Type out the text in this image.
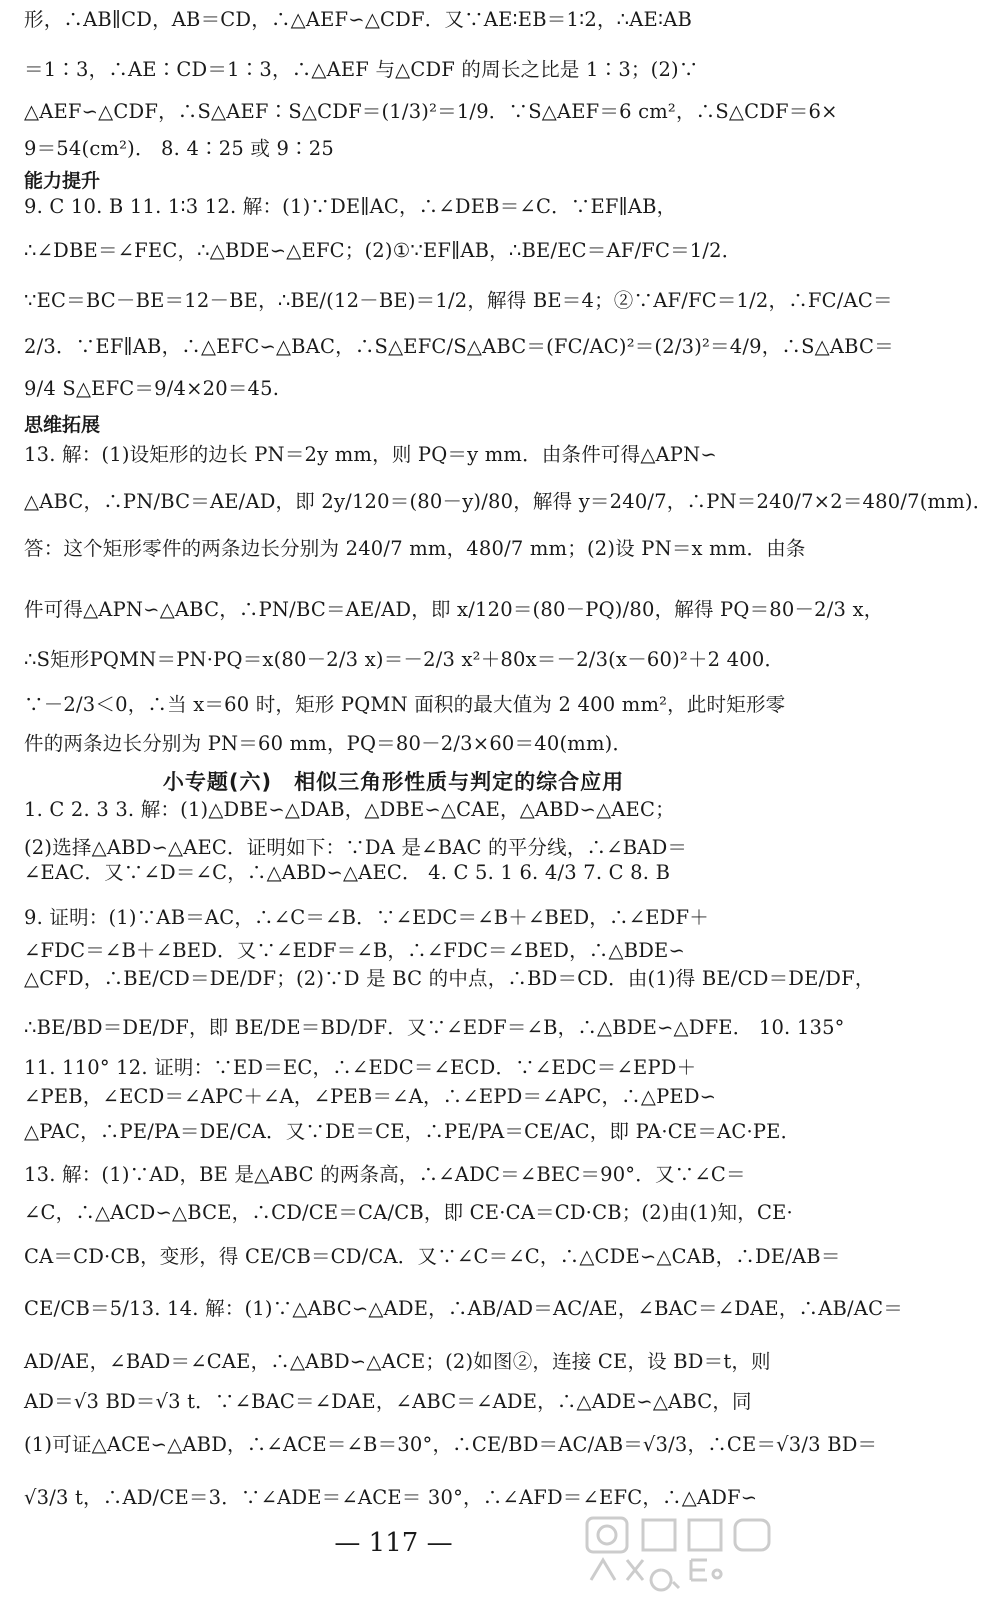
形，∴AB∥CD，AB＝CD，∴△AEF∽△CDF．又∵AE∶EB＝1∶2，∴AE∶AB
＝1∶3，∴AE∶CD＝1∶3，∴△AEF 与△CDF 的周长之比是 1∶3；(2)∵
△AEF∽△CDF，∴S△AEF∶S△CDF＝(1/3)²＝1/9．∵S△AEF＝6 cm²，∴S△CDF＝6×
9＝54(cm²)． 8. 4∶25 或 9∶25
能力提升
9. C 10. B 11. 1∶3 12. 解：(1)∵DE∥AC，∴∠DEB＝∠C．∵EF∥AB，
∴∠DBE＝∠FEC，∴△BDE∽△EFC；(2)①∵EF∥AB，∴BE/EC＝AF/FC＝1/2．
∵EC＝BC－BE＝12－BE，∴BE/(12－BE)＝1/2，解得 BE＝4；②∵AF/FC＝1/2，∴FC/AC＝
2/3．∵EF∥AB，∴△EFC∽△BAC，∴S△EFC/S△ABC＝(FC/AC)²＝(2/3)²＝4/9，∴S△ABC＝
9/4 S△EFC＝9/4×20＝45.
思维拓展
13. 解：(1)设矩形的边长 PN＝2y mm，则 PQ＝y mm．由条件可得△APN∽
△ABC，∴PN/BC＝AE/AD，即 2y/120＝(80－y)/80，解得 y＝240/7，∴PN＝240/7×2＝480/7(mm)．
答：这个矩形零件的两条边长分别为 240/7 mm，480/7 mm；(2)设 PN＝x mm．由条
件可得△APN∽△ABC，∴PN/BC＝AE/AD，即 x/120＝(80－PQ)/80，解得 PQ＝80－2/3 x，
∴S矩形PQMN＝PN·PQ＝x(80－2/3 x)＝－2/3 x²＋80x＝－2/3(x－60)²＋2 400．
∵－2/3＜0，∴当 x＝60 时，矩形 PQMN 面积的最大值为 2 400 mm²，此时矩形零
件的两条边长分别为 PN＝60 mm，PQ＝80－2/3×60＝40(mm)．
小专题(六)　相似三角形性质与判定的综合应用
1. C 2. 3 3. 解：(1)△DBE∽△DAB，△DBE∽△CAE，△ABD∽△AEC；
(2)选择△ABD∽△AEC．证明如下：∵DA 是∠BAC 的平分线，∴∠BAD＝
∠EAC．又∵∠D＝∠C，∴△ABD∽△AEC． 4. C 5. 1 6. 4/3 7. C 8. B
9. 证明：(1)∵AB＝AC，∴∠C＝∠B．∵∠EDC＝∠B＋∠BED，∴∠EDF＋
∠FDC＝∠B＋∠BED．又∵∠EDF＝∠B，∴∠FDC＝∠BED，∴△BDE∽
△CFD，∴BE/CD＝DE/DF；(2)∵D 是 BC 的中点，∴BD＝CD．由(1)得 BE/CD＝DE/DF，
∴BE/BD＝DE/DF，即 BE/DE＝BD/DF．又∵∠EDF＝∠B，∴△BDE∽△DFE． 10. 135°
11. 110° 12. 证明：∵ED＝EC，∴∠EDC＝∠ECD．∵∠EDC＝∠EPD＋
∠PEB，∠ECD＝∠APC＋∠A，∠PEB＝∠A，∴∠EPD＝∠APC，∴△PED∽
△PAC，∴PE/PA＝DE/CA．又∵DE＝CE，∴PE/PA＝CE/AC，即 PA·CE＝AC·PE．
13. 解：(1)∵AD，BE 是△ABC 的两条高，∴∠ADC＝∠BEC＝90°．又∵∠C＝
∠C，∴△ACD∽△BCE，∴CD/CE＝CA/CB，即 CE·CA＝CD·CB；(2)由(1)知，CE·
CA＝CD·CB，变形，得 CE/CB＝CD/CA．又∵∠C＝∠C，∴△CDE∽△CAB，∴DE/AB＝
CE/CB＝5/13. 14. 解：(1)∵△ABC∽△ADE，∴AB/AD＝AC/AE，∠BAC＝∠DAE，∴AB/AC＝
AD/AE，∠BAD＝∠CAE，∴△ABD∽△ACE；(2)如图②，连接 CE，设 BD＝t，则
AD＝√3 BD＝√3 t．∵∠BAC＝∠DAE，∠ABC＝∠ADE，∴△ADE∽△ABC，同
(1)可证△ACE∽△ABD，∴∠ACE＝∠B＝30°，∴CE/BD＝AC/AB＝√3/3，∴CE＝√3/3 BD＝
√3/3 t，∴AD/CE＝3．∵∠ADE＝∠ACE＝ 30°，∴∠AFD＝∠EFC，∴△ADF∽
— 117 —
